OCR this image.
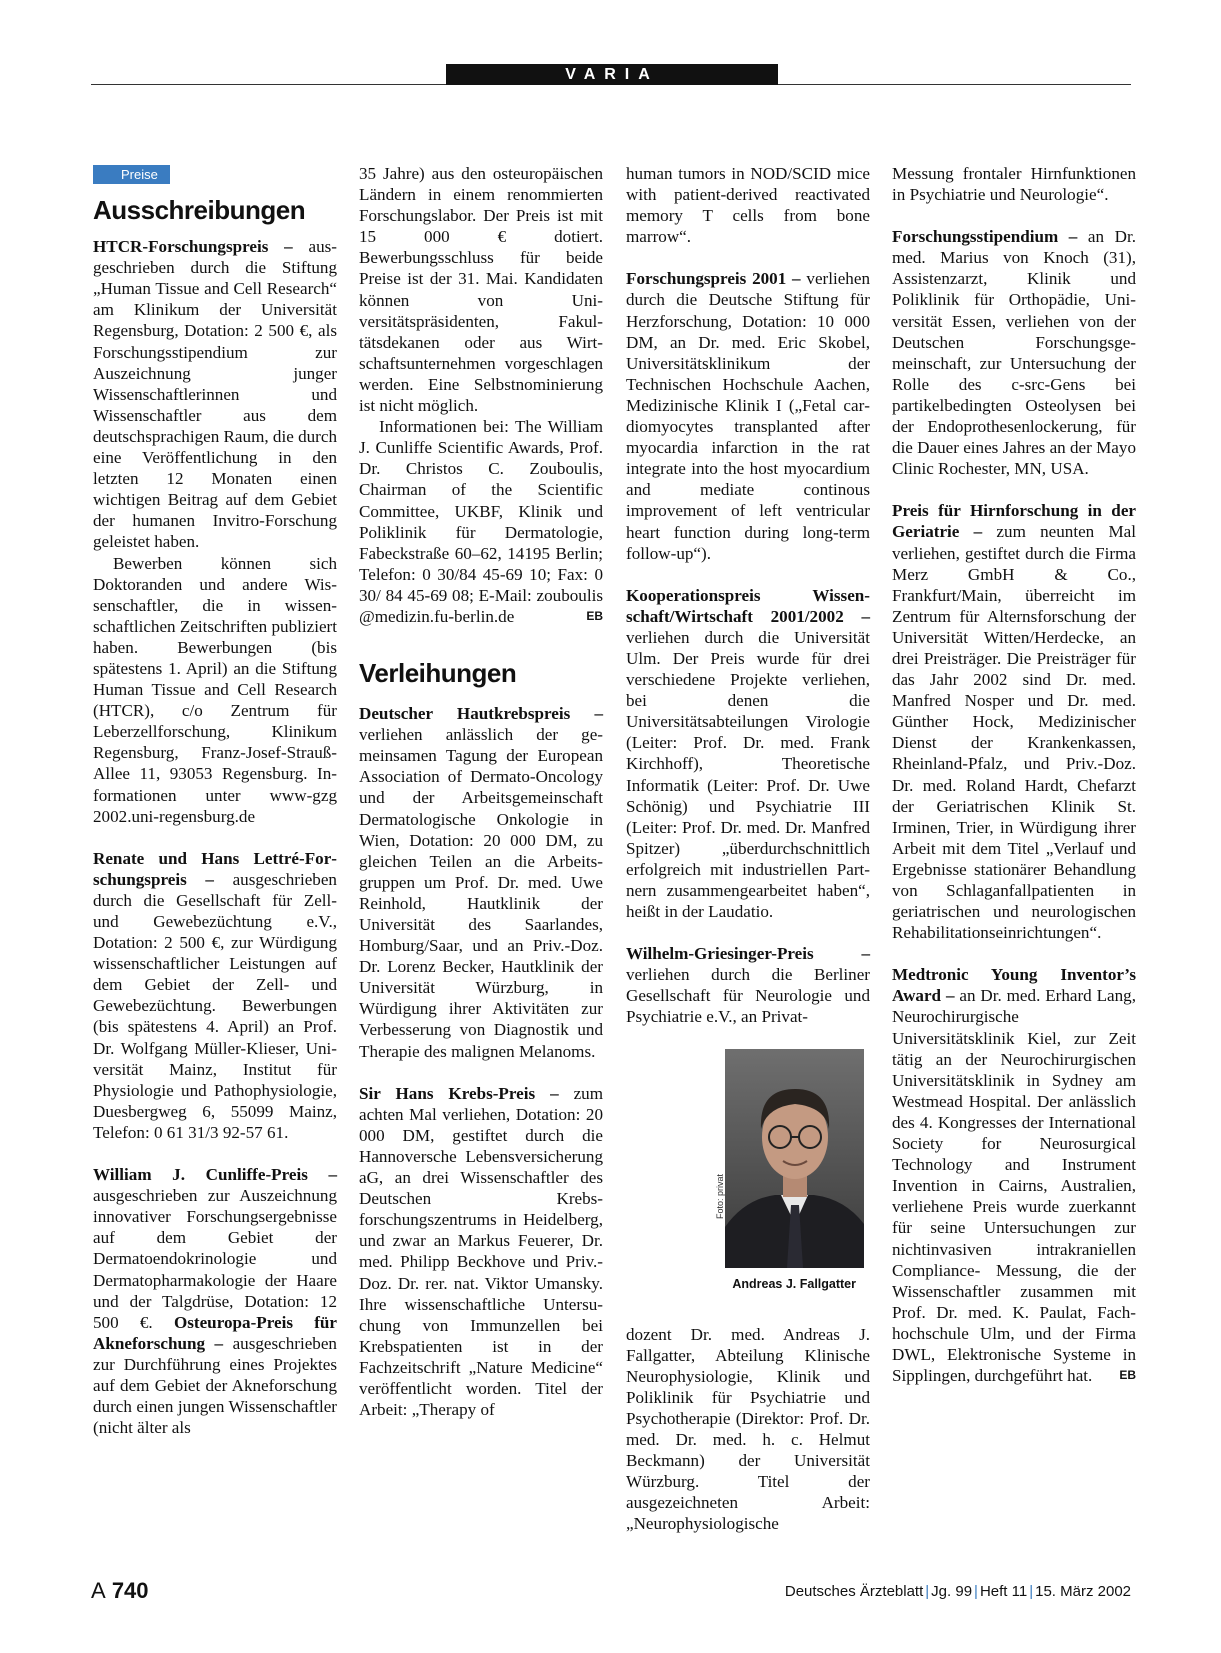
VARIA
Preise
Ausschreibungen

HTCR-Forschungspreis – ausgeschrieben durch die Stiftung „Human Tissue and Cell Research“ am Klinikum der Universität Regensburg, Dotation: 2 500 €, als Forschungsstipendium zur Auszeichnung junger Wissenschaftlerinnen und Wissenschaftler aus dem deutschsprachigen Raum, die durch eine Veröffentlichung in den letzten 12 Monaten einen wichtigen Beitrag auf dem Gebiet der humanen Invitro-Forschung geleistet haben.

Bewerben können sich Doktoranden und andere Wissenschaftler, die in wissenschaftlichen Zeitschriften publiziert haben. Bewerbungen (bis spätestens 1. April) an die Stiftung Human Tissue and Cell Research (HTCR), c/o Zentrum für Leberzellforschung, Klinikum Regensburg, Franz-Josef-Strauß-Allee 11, 93053 Regensburg. Informationen unter www-gzg 2002.uni-regensburg.de

Renate und Hans Lettré-Forschungspreis – ausgeschrieben durch die Gesellschaft für Zell- und Gewebezüchtung e.V., Dotation: 2 500 €, zur Würdigung wissenschaftlicher Leistungen auf dem Gebiet der Zell- und Gewebezüchtung. Bewerbungen (bis spätestens 4. April) an Prof. Dr. Wolfgang Müller-Klieser, Universität Mainz, Institut für Physiologie und Pathophysiologie, Duesbergweg 6, 55099 Mainz, Telefon: 0 61 31/3 92-57 61.

William J. Cunliffe-Preis – ausgeschrieben zur Auszeichnung innovativer Forschungsergebnisse auf dem Gebiet der Dermatoendokrinologie und Dermatopharmakologie der Haare und der Talgdrüse, Dotation: 12 500 €. Osteuropa-Preis für Akneforschung – ausgeschrieben zur Durchführung eines Projektes auf dem Gebiet der Akneforschung durch einen jungen Wissenschaftler (nicht älter als

35 Jahre) aus den osteuropäischen Ländern in einem renommierten Forschungslabor. Der Preis ist mit 15 000 € dotiert. Bewerbungsschluss für beide Preise ist der 31. Mai. Kandidaten können von Universitätspräsidenten, Fakultätsdekanen oder aus Wirtschaftsunternehmen vorgeschlagen werden. Eine Selbstnominierung ist nicht möglich.

Informationen bei: The William J. Cunliffe Scientific Awards, Prof. Dr. Christos C. Zouboulis, Chairman of the Scientific Committee, UKBF, Klinik und Poliklinik für Dermatologie, Fabeckstraße 60–62, 14195 Berlin; Telefon: 0 30/84 45-69 10; Fax: 0 30/ 84 45-69 08; E-Mail: zouboulis @medizin.fu-berlin.de	EB

Verleihungen

Deutscher Hautkrebspreis – verliehen anlässlich der gemeinsamen Tagung der European Association of Dermato-Oncology und der Arbeitsgemeinschaft Dermatologische Onkologie in Wien, Dotation: 20 000 DM, zu gleichen Teilen an die Arbeitsgruppen um Prof. Dr. med. Uwe Reinhold, Hautklinik der Universität des Saarlandes, Homburg/Saar, und an Priv.-Doz. Dr. Lorenz Becker, Hautklinik der Universität Würzburg, in Würdigung ihrer Aktivitäten zur Verbesserung von Diagnostik und Therapie des malignen Melanoms.

Sir Hans Krebs-Preis – zum achten Mal verliehen, Dotation: 20 000 DM, gestiftet durch die Hannoversche Lebensversicherung aG, an drei Wissenschaftler des Deutschen Krebsforschungszentrums in Heidelberg, und zwar an Markus Feuerer, Dr. med. Philipp Beckhove und Priv.-Doz. Dr. rer. nat. Viktor Umansky. Ihre wissenschaftliche Untersuchung von Immunzellen bei Krebspatienten ist in der Fachzeitschrift „Nature Medicine“ veröffentlicht worden. Titel der Arbeit: „Therapy of

human tumors in NOD/SCID mice with patient-derived reactivated memory T cells from bone marrow“.

Forschungspreis 2001 – verliehen durch die Deutsche Stiftung für Herzforschung, Dotation: 10 000 DM, an Dr. med. Eric Skobel, Universitätsklinikum der Technischen Hochschule Aachen, Medizinische Klinik I („Fetal cardiomyocytes transplanted after myocardia infarction in the rat integrate into the host myocardium and mediate continous improvement of left ventricular heart function during long-term follow-up“).

Kooperationspreis Wissenschaft/Wirtschaft 2001/2002 – verliehen durch die Universität Ulm. Der Preis wurde für drei verschiedene Projekte verliehen, bei denen die Universitätsabteilungen Virologie (Leiter: Prof. Dr. med. Frank Kirchhoff), Theoretische Informatik (Leiter: Prof. Dr. Uwe Schönig) und Psychiatrie III (Leiter: Prof. Dr. med. Dr. Manfred Spitzer) „überdurchschnittlich erfolgreich mit industriellen Partnern zusammengearbeitet haben“, heißt in der Laudatio.

Wilhelm-Griesinger-Preis – verliehen durch die Berliner Gesellschaft für Neurologie und Psychiatrie e.V., an Privat-

Foto: privat
Andreas J. Fallgatter

dozent Dr. med. Andreas J. Fallgatter, Abteilung Klinische Neurophysiologie, Klinik und Poliklinik für Psychiatrie und Psychotherapie (Direktor: Prof. Dr. med. Dr. med. h. c. Helmut Beckmann) der Universität Würzburg. Titel der ausgezeichneten Arbeit: „Neurophysiologische

Messung frontaler Hirnfunktionen in Psychiatrie und Neurologie“.

Forschungsstipendium – an Dr. med. Marius von Knoch (31), Assistenzarzt, Klinik und Poliklinik für Orthopädie, Universität Essen, verliehen von der Deutschen Forschungsgemeinschaft, zur Untersuchung der Rolle des c-src-Gens bei partikelbedingten Osteolysen bei der Endoprothesenlockerung, für die Dauer eines Jahres an der Mayo Clinic Rochester, MN, USA.

Preis für Hirnforschung in der Geriatrie – zum neunten Mal verliehen, gestiftet durch die Firma Merz GmbH & Co., Frankfurt/Main, überreicht im Zentrum für Alternsforschung der Universität Witten/Herdecke, an drei Preisträger. Die Preisträger für das Jahr 2002 sind Dr. med. Manfred Nosper und Dr. med. Günther Hock, Medizinischer Dienst der Krankenkassen, Rheinland-Pfalz, und Priv.-Doz. Dr. med. Roland Hardt, Chefarzt der Geriatrischen Klinik St. Irminen, Trier, in Würdigung ihrer Arbeit mit dem Titel „Verlauf und Ergebnisse stationärer Behandlung von Schlaganfallpatienten in geriatrischen und neurologischen Rehabilitationseinrichtungen“.

Medtronic Young Inventor’s Award – an Dr. med. Erhard Lang, Neurochirurgische Universitätsklinik Kiel, zur Zeit tätig an der Neurochirurgischen Universitätsklinik in Sydney am Westmead Hospital. Der anlässlich des 4. Kongresses der International Society for Neurosurgical Technology and Instrument Invention in Cairns, Australien, verliehene Preis wurde zuerkannt für seine Untersuchungen zur nichtinvasiven intrakraniellen Compliance- Messung, die der Wissenschaftler zusammen mit Prof. Dr. med. K. Paulat, Fachhochschule Ulm, und der Firma DWL, Elektronische Systeme in Sipplingen, durchgeführt hat. EB

A 740	Deutsches Ärzteblatt | Jg. 99 | Heft 11 | 15. März 2002
